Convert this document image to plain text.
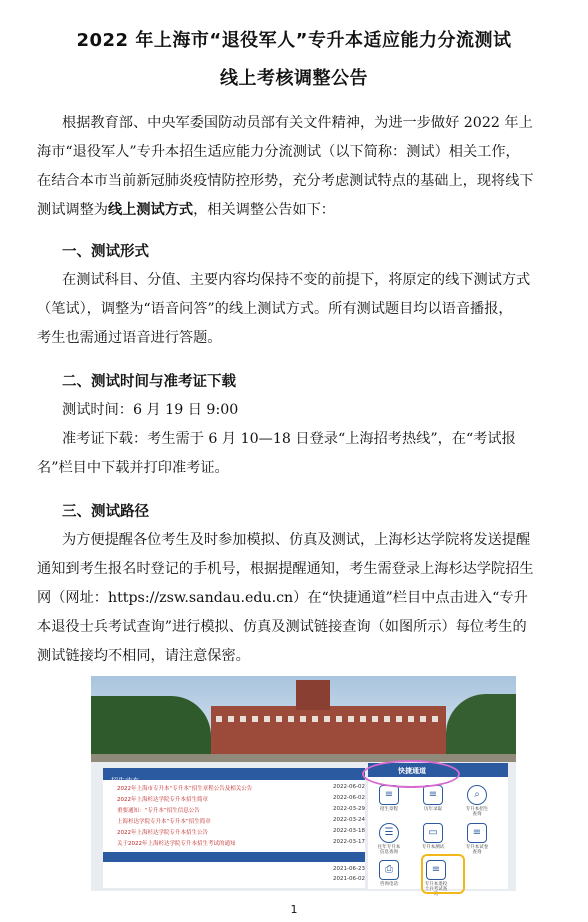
2022 年上海市“退役军人”专升本适应能力分流测试
线上考核调整公告
根据教育部、中央军委国防动员部有关文件精神，为进一步做好 2022 年上
海市“退役军人”专升本招生适应能力分流测试（以下简称：测试）相关工作，
在结合本市当前新冠肺炎疫情防控形势，充分考虑测试特点的基础上，现将线下
测试调整为线上测试方式，相关调整公告如下：
一、测试形式
在测试科目、分值、主要内容均保持不变的前提下，将原定的线下测试方式
（笔试），调整为“语音问答”的线上测试方式。所有测试题目均以语音播报，
考生也需通过语音进行答题。
二、测试时间与准考证下载
测试时间：6 月 19 日 9:00
准考证下载：考生需于 6 月 10—18 日登录“上海招考热线”，在“考试报
名”栏目中下载并打印准考证。
三、测试路径
为方便提醒各位考生及时参加模拟、仿真及测试，上海杉达学院将发送提醒
通知到考生报名时登记的手机号，根据提醒通知，考生需登录上海杉达学院招生
网（网址：https://zsw.sandau.edu.cn）在“快捷通道”栏目中点击进入“专升
本退役士兵考试查询”进行模拟、仿真及测试链接查询（如图所示）每位考生的
测试链接均不相同，请注意保密。
招生动态
2022年上海市专升本“专升本”招生章程公告及相关公告	2022-06-02
2022年上海杉达学院专升本招生简章	2022-06-02
重要通知：“专升本”招生信息公告	2022-03-29
上海杉达学院专升本“专升本”招生简章	2022-03-24
2022年上海杉达学院专升本招生公告	2022-03-18
关于2022年上海杉达学院专升本招生考试的通知	2022-03-17
招生章程	历年录取分	专升本招生	联系我们 2021-06-23
2021-06-02
快捷通道
≡
招生章程
≡
历年录取
⌕
专升本招生查询
☰
往年专升本信息查询
▭
专升本测试
≡
专升本试卷查询
⎙
咨询电话
≡
专升本退役士兵考试查询
1
